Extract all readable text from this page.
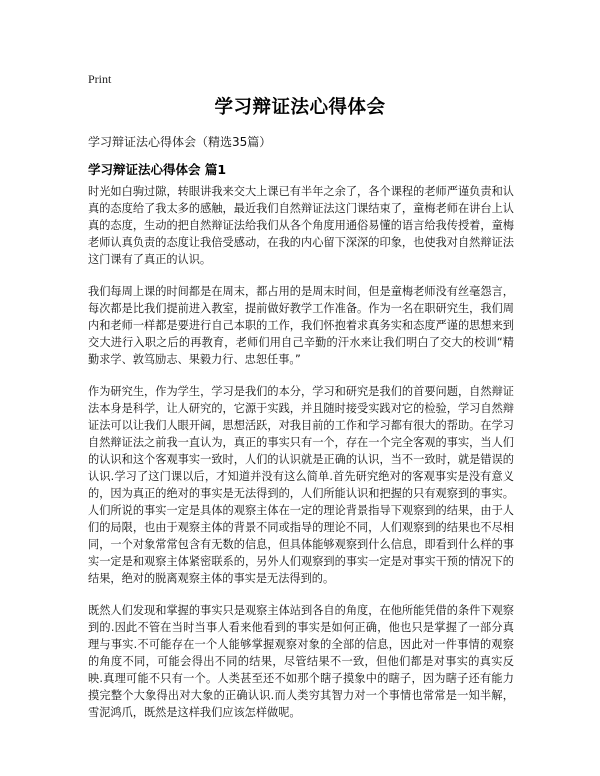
Print
学习辩证法心得体会
学习辩证法心得体会（精选35篇）
学习辩证法心得体会 篇1

时光如白驹过隙，转眼讲我来交大上课已有半年之余了，各个课程的老师严谨负责和认真的态度给了我太多的感触，最近我们自然辩证法这门课结束了，童梅老师在讲台上认真的态度，生动的把自然辩证法给我们从各个角度用通俗易懂的语言给我传授着，童梅老师认真负责的态度让我倍受感动，在我的内心留下深深的印象，也使我对自然辩证法这门课有了真正的认识。

我们每周上课的时间都是在周末，都占用的是周末时间，但是童梅老师没有丝毫怨言，每次都是比我们提前进入教室，提前做好教学工作准备。作为一名在职研究生，我们周内和老师一样都是要进行自己本职的工作，我们怀抱着求真务实和态度严谨的思想来到交大进行入职之后的再教育，老师们用自己辛勤的汗水来让我们明白了交大的校训“精勤求学、敦笃励志、果毅力行、忠恕任事。”

作为研究生，作为学生，学习是我们的本分，学习和研究是我们的首要问题，自然辩证法本身是科学，让人研究的，它源于实践，并且随时接受实践对它的检验，学习自然辩证法可以让我们人眼开阔，思想活跃，对我目前的工作和学习都有很大的帮助。在学习自然辩证法之前我一直认为，真正的事实只有一个，存在一个完全客观的事实，当人们的认识和这个客观事实一致时，人们的认识就是正确的认识，当不一致时，就是错误的认识.学习了这门课以后，才知道并没有这么简单.首先研究绝对的客观事实是没有意义的，因为真正的绝对的事实是无法得到的，人们所能认识和把握的只有观察到的事实。人们所说的事实一定是具体的观察主体在一定的理论背景指导下观察到的结果，由于人们的局限，也由于观察主体的背景不同或指导的理论不同，人们观察到的结果也不尽相同，一个对象常常包含有无数的信息，但具体能够观察到什么信息，即看到什么样的事实一定是和观察主体紧密联系的，另外人们观察到的事实一定是对事实干预的情况下的结果，绝对的脱离观察主体的事实是无法得到的。

既然人们发现和掌握的事实只是观察主体站到各自的角度，在他所能凭借的条件下观察到的.因此不管在当时当事人看来他看到的事实是如何正确，他也只是掌握了一部分真理与事实.不可能存在一个人能够掌握观察对象的全部的信息，因此对一件事情的观察的角度不同，可能会得出不同的结果，尽管结果不一致，但他们都是对事实的真实反映.真理可能不只有一个。人类甚至还不如那个瞎子摸象中的瞎子，因为瞎子还有能力摸完整个大象得出对大象的正确认识.而人类穷其智力对一个事情也常常是一知半解，雪泥鸿爪，既然是这样我们应该怎样做呢。
